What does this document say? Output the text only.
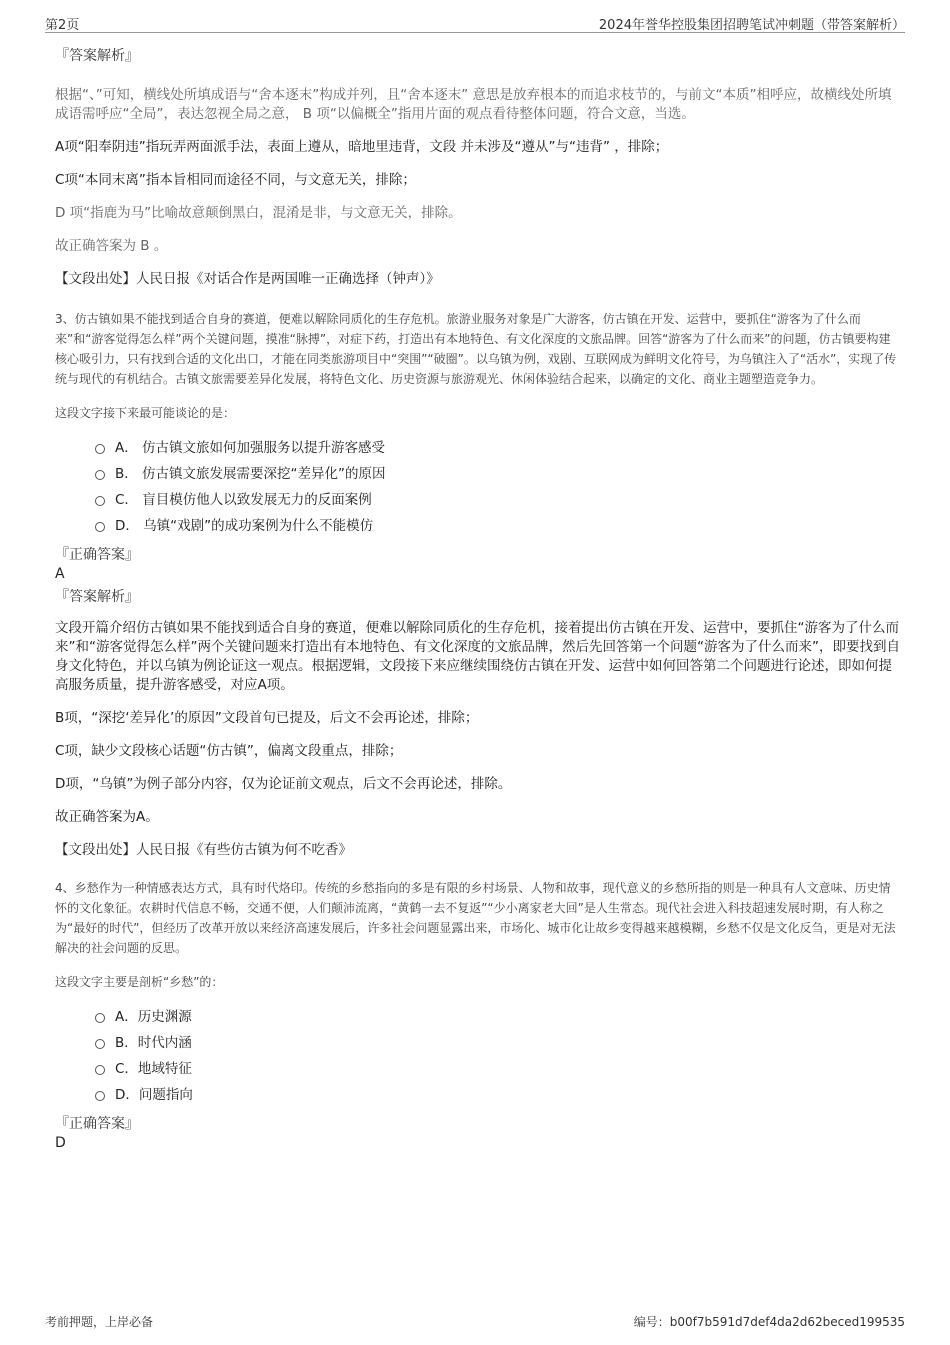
第2页	2024年誉华控股集团招聘笔试冲刺题（带答案解析）
『答案解析』

根据“、”可知，横线处所填成语与“舍本逐末”构成并列，且“舍本逐末” 意思是放弃根本的而追求枝节的，与前文“本质”相呼应，故横线处所填成语需呼应“全局”，表达忽视全局之意， B 项“以偏概全”指用片面的观点看待整体问题，符合文意，当选。

A项“阳奉阴违”指玩弄两面派手法，表面上遵从，暗地里违背，文段 并未涉及“遵从”与“违背” ，排除；

C项“本同末离”指本旨相同而途径不同，与文意无关，排除；

D 项“指鹿为马”比喻故意颠倒黑白，混淆是非，与文意无关，排除。

故正确答案为 B 。

【文段出处】人民日报《对话合作是两国唯一正确选择（钟声）》

3、仿古镇如果不能找到适合自身的赛道，便难以解除同质化的生存危机。旅游业服务对象是广大游客，仿古镇在开发、运营中，要抓住“游客为了什么而来”和“游客觉得怎么样”两个关键问题，摸准“脉搏”，对症下药，打造出有本地特色、有文化深度的文旅品牌。回答“游客为了什么而来”的问题，仿古镇要构建核心吸引力，只有找到合适的文化出口，才能在同类旅游项目中“突围”“破圈”。以乌镇为例，戏剧、互联网成为鲜明文化符号，为乌镇注入了“活水”，实现了传统与现代的有机结合。古镇文旅需要差异化发展，将特色文化、历史资源与旅游观光、休闲体验结合起来，以确定的文化、商业主题塑造竞争力。

这段文字接下来最可能谈论的是：

A． 仿古镇文旅如何加强服务以提升游客感受
B． 仿古镇文旅发展需要深挖“差异化”的原因
C． 盲目模仿他人以致发展无力的反面案例
D． 乌镇“戏剧”的成功案例为什么不能模仿
『正确答案』
A
『答案解析』

文段开篇介绍仿古镇如果不能找到适合自身的赛道，便难以解除同质化的生存危机，接着提出仿古镇在开发、运营中，要抓住“游客为了什么而来”和“游客觉得怎么样”两个关键问题来打造出有本地特色、有文化深度的文旅品牌，然后先回答第一个问题“游客为了什么而来”，即要找到自身文化特色，并以乌镇为例论证这一观点。根据逻辑，文段接下来应继续围绕仿古镇在开发、运营中如何回答第二个问题进行论述，即如何提高服务质量，提升游客感受，对应A项。

B项，“深挖‘差异化’的原因”文段首句已提及，后文不会再论述，排除；

C项，缺少文段核心话题“仿古镇”，偏离文段重点，排除；

D项，“乌镇”为例子部分内容，仅为论证前文观点，后文不会再论述，排除。

故正确答案为A。

【文段出处】人民日报《有些仿古镇为何不吃香》

4、乡愁作为一种情感表达方式，具有时代烙印。传统的乡愁指向的多是有限的乡村场景、人物和故事，现代意义的乡愁所指的则是一种具有人文意味、历史情怀的文化象征。农耕时代信息不畅，交通不便，人们颠沛流离，“黄鹤一去不复返”“少小离家老大回”是人生常态。现代社会进入科技超速发展时期，有人称之为“最好的时代”，但经历了改革开放以来经济高速发展后，许多社会问题显露出来，市场化、城市化让故乡变得越来越模糊，乡愁不仅是文化反刍，更是对无法解决的社会问题的反思。

这段文字主要是剖析“乡愁”的：

A．历史渊源
B．时代内涵
C．地域特征
D．问题指向
『正确答案』
D
考前押题，上岸必备	编号：b00f7b591d7def4da2d62beced199535
